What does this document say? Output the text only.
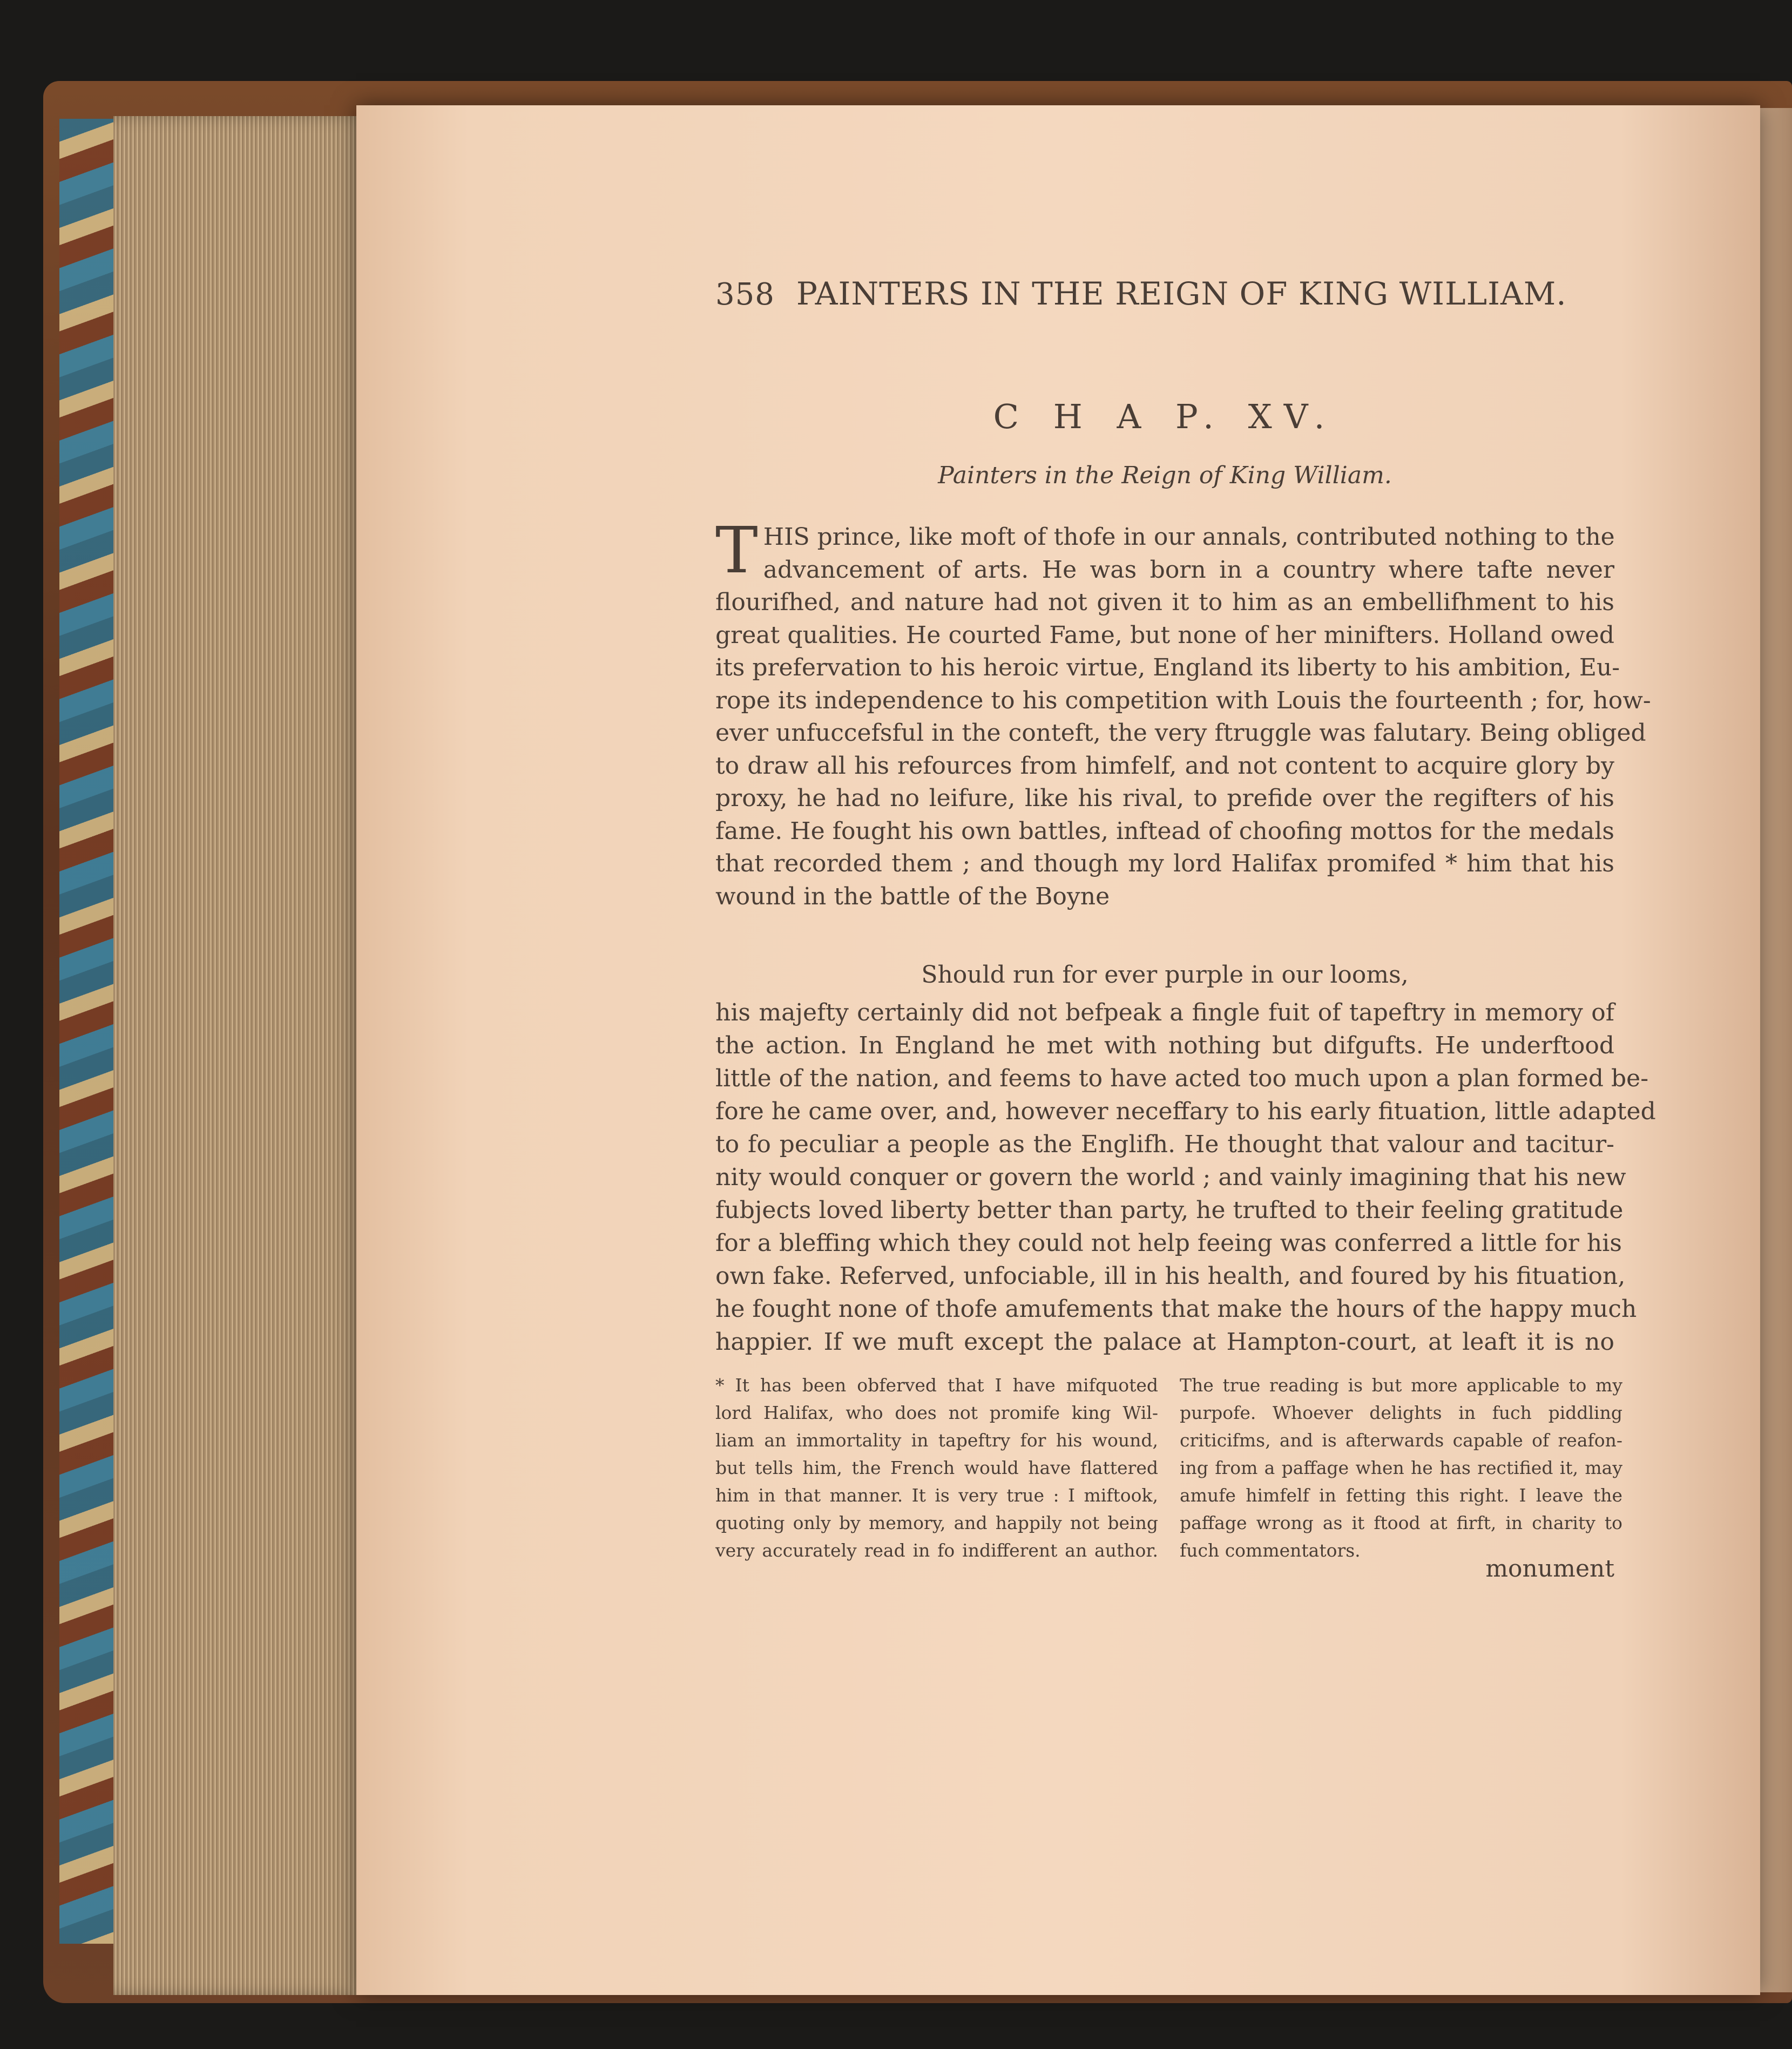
358 PAINTERS IN THE REIGN OF KING WILLIAM.
C H A P. XV.
Painters in the Reign of King William.
T HIS prince, like moft of thofe in our annals, contributed nothing to the
advancement of arts. He was born in a country where tafte never
flourifhed, and nature had not given it to him as an embellifhment to his
great qualities. He courted Fame, but none of her minifters. Holland owed
its prefervation to his heroic virtue, England its liberty to his ambition, Eu-
rope its independence to his competition with Louis the fourteenth ; for, how-
ever unfuccefsful in the conteft, the very ftruggle was falutary. Being obliged
to draw all his refources from himfelf, and not content to acquire glory by
proxy, he had no leifure, like his rival, to prefide over the regifters of his
fame. He fought his own battles, inftead of choofing mottos for the medals
that recorded them ; and though my lord Halifax promifed * him that his
wound in the battle of the Boyne
Should run for ever purple in our looms,
his majefty certainly did not befpeak a fingle fuit of tapeftry in memory of
the action. In England he met with nothing but difgufts. He underftood
little of the nation, and feems to have acted too much upon a plan formed be-
fore he came over, and, however neceffary to his early fituation, little adapted
to fo peculiar a people as the Englifh. He thought that valour and tacitur-
nity would conquer or govern the world ; and vainly imagining that his new
fubjects loved liberty better than party, he trufted to their feeling gratitude
for a bleffing which they could not help feeing was conferred a little for his
own fake. Referved, unfociable, ill in his health, and foured by his fituation,
he fought none of thofe amufements that make the hours of the happy much
happier. If we muft except the palace at Hampton-court, at leaft it is no
* It has been obferved that I have mifquoted
lord Halifax, who does not promife king Wil-
liam an immortality in tapeftry for his wound,
but tells him, the French would have flattered
him in that manner. It is very true : I miftook,
quoting only by memory, and happily not being
very accurately read in fo indifferent an author.
The true reading is but more applicable to my
purpofe. Whoever delights in fuch piddling
criticifms, and is afterwards capable of reafon-
ing from a paffage when he has rectified it, may
amufe himfelf in fetting this right. I leave the
paffage wrong as it ftood at firft, in charity to
fuch commentators.
monument
